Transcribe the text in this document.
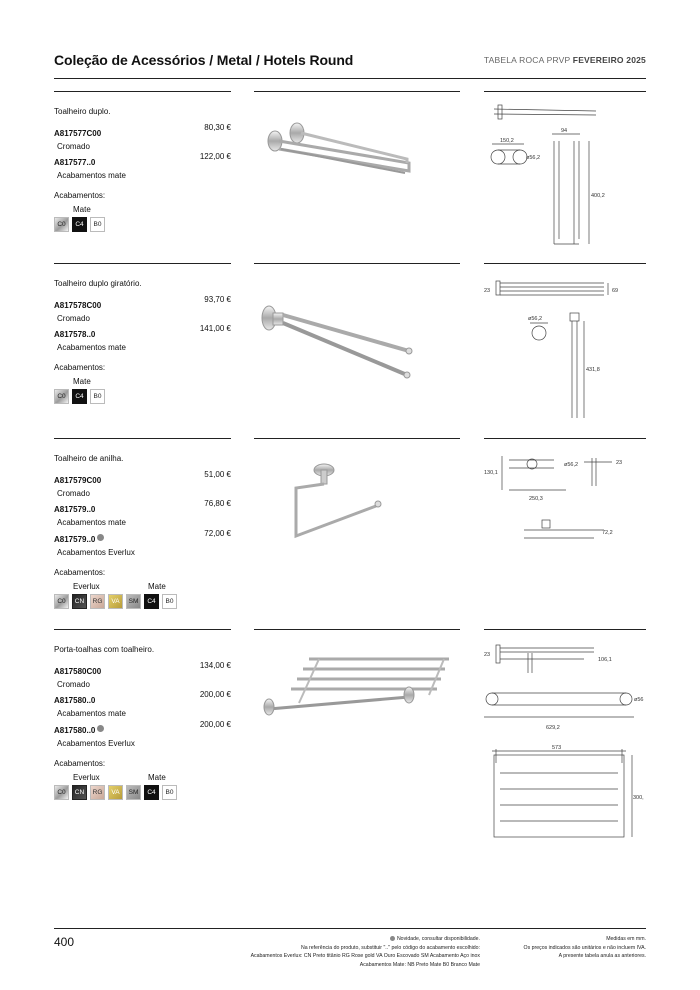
Coleção de Acessórios / Metal / Hotels Round	TABELA ROCA PRVP FEVEREIRO 2025
Toalheiro duplo.
A817577C00
80,30 €
Cromado
A817577..0
122,00 €
Acabamentos mate
Acabamentos:
Mate
C0	C4	B0
150,2
94
ø56,2
400,2
Toalheiro duplo giratório.
A817578C00
93,70 €
Cromado
A817578..0
141,00 €
Acabamentos mate
Acabamentos:
Mate
C0	C4	B0
23	69
ø56,2
431,8
Toalheiro de anilha.
A817579C00
51,00 €
Cromado
A817579..0
76,80 €
Acabamentos mate
A817579..0
72,00 €
Acabamentos Everlux
Acabamentos:
Everlux	Mate
C0	CN	RG	VA	SM	C4	B0
130,1
ø56,2
250,3
23
72,2
Porta-toalhas com toalheiro.
A817580C00
134,00 €
Cromado
A817580..0
200,00 €
Acabamentos mate
A817580..0
200,00 €
Acabamentos Everlux
Acabamentos:
Everlux	Mate
C0	CN	RG	VA	SM	C4	B0
23
106,1
ø56
629,2
573
300,
400	Novidade, consultar disponibilidade.
Na referência do produto, substituir ".." pelo código do acabamento escolhido:
Acabamentos Everlux: CN Preto titânio RG Rose gold VA Ouro Escovado SM Acabamento Aço inox
Acabamentos Mate: NB Preto Mate B0 Branco Mate
Medidas em mm.
Os preços indicados são unitários e não incluem IVA.
A presente tabela anula as anteriores.
